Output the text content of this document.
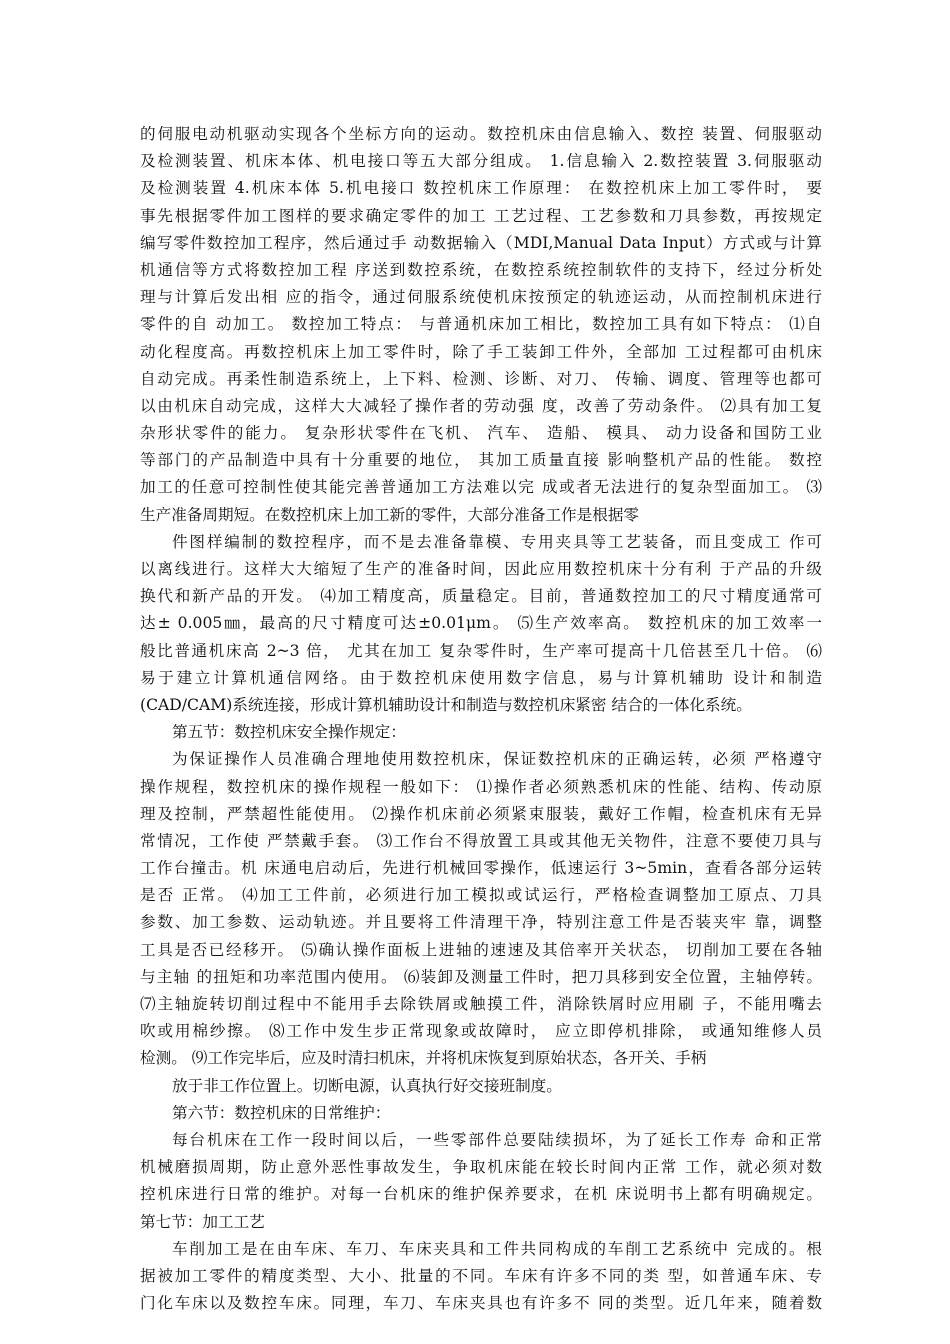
的伺服电动机驱动实现各个坐标方向的运动。数控机床由信息输入、数控 装置、伺服驱动
及检测装置、机床本体、机电接口等五大部分组成。 1.信息输入 2.数控装置 3.伺服驱动
及检测装置 4.机床本体 5.机电接口 数控机床工作原理： 在数控机床上加工零件时， 要
事先根据零件加工图样的要求确定零件的加工 工艺过程、工艺参数和刀具参数，再按规定
编写零件数控加工程序，然后通过手 动数据输入（MDI,Manual Data Input）方式或与计算
机通信等方式将数控加工程 序送到数控系统，在数控系统控制软件的支持下，经过分析处
理与计算后发出相 应的指令，通过伺服系统使机床按预定的轨迹运动，从而控制机床进行
零件的自 动加工。 数控加工特点： 与普通机床加工相比，数控加工具有如下特点： ⑴自
动化程度高。再数控机床上加工零件时，除了手工装卸工件外，全部加 工过程都可由机床
自动完成。再柔性制造系统上，上下料、检测、诊断、对刀、 传输、调度、管理等也都可
以由机床自动完成，这样大大减轻了操作者的劳动强 度，改善了劳动条件。 ⑵具有加工复
杂形状零件的能力。 复杂形状零件在飞机、 汽车、 造船、 模具、 动力设备和国防工业
等部门的产品制造中具有十分重要的地位， 其加工质量直接 影响整机产品的性能。 数控
加工的任意可控制性使其能完善普通加工方法难以完 成或者无法进行的复杂型面加工。 ⑶
生产准备周期短。在数控机床上加工新的零件，大部分准备工作是根据零
件图样编制的数控程序，而不是去准备靠模、专用夹具等工艺装备，而且变成工 作可
以离线进行。这样大大缩短了生产的准备时间，因此应用数控机床十分有利 于产品的升级
换代和新产品的开发。 ⑷加工精度高，质量稳定。目前，普通数控加工的尺寸精度通常可
达± 0.005㎜，最高的尺寸精度可达±0.01μm。 ⑸生产效率高。 数控机床的加工效率一
般比普通机床高 2~3 倍， 尤其在加工 复杂零件时，生产率可提高十几倍甚至几十倍。 ⑹
易于建立计算机通信网络。由于数控机床使用数字信息，易与计算机辅助 设计和制造
(CAD/CAM)系统连接，形成计算机辅助设计和制造与数控机床紧密 结合的一体化系统。
第五节：数控机床安全操作规定：
为保证操作人员准确合理地使用数控机床，保证数控机床的正确运转，必须 严格遵守
操作规程，数控机床的操作规程一般如下： ⑴操作者必须熟悉机床的性能、结构、传动原
理及控制，严禁超性能使用。 ⑵操作机床前必须紧束服装，戴好工作帽，检查机床有无异
常情况，工作使 严禁戴手套。 ⑶工作台不得放置工具或其他无关物件，注意不要使刀具与
工作台撞击。机 床通电启动后，先进行机械回零操作，低速运行 3~5min，查看各部分运转
是否 正常。 ⑷加工工件前，必须进行加工模拟或试运行，严格检查调整加工原点、刀具
参数、加工参数、运动轨迹。并且要将工件清理干净，特别注意工件是否装夹牢 靠，调整
工具是否已经移开。 ⑸确认操作面板上进轴的速速及其倍率开关状态， 切削加工要在各轴
与主轴 的扭矩和功率范围内使用。 ⑹装卸及测量工件时，把刀具移到安全位置，主轴停转。
⑺主轴旋转切削过程中不能用手去除铁屑或触摸工件，消除铁屑时应用刷 子，不能用嘴去
吹或用棉纱擦。 ⑻工作中发生步正常现象或故障时， 应立即停机排除， 或通知维修人员
检测。 ⑼工作完毕后，应及时清扫机床，并将机床恢复到原始状态，各开关、手柄
放于非工作位置上。切断电源，认真执行好交接班制度。
第六节：数控机床的日常维护：
每台机床在工作一段时间以后，一些零部件总要陆续损坏，为了延长工作寿 命和正常
机械磨损周期，防止意外恶性事故发生，争取机床能在较长时间内正常 工作，就必须对数
控机床进行日常的维护。对每一台机床的维护保养要求，在机 床说明书上都有明确规定。
第七节：加工工艺
车削加工是在由车床、车刀、车床夹具和工件共同构成的车削工艺系统中 完成的。根
据被加工零件的精度类型、大小、批量的不同。车床有许多不同的类 型，如普通车床、专
门化车床以及数控车床。同理，车刀、车床夹具也有许多不 同的类型。近几年来，随着数
